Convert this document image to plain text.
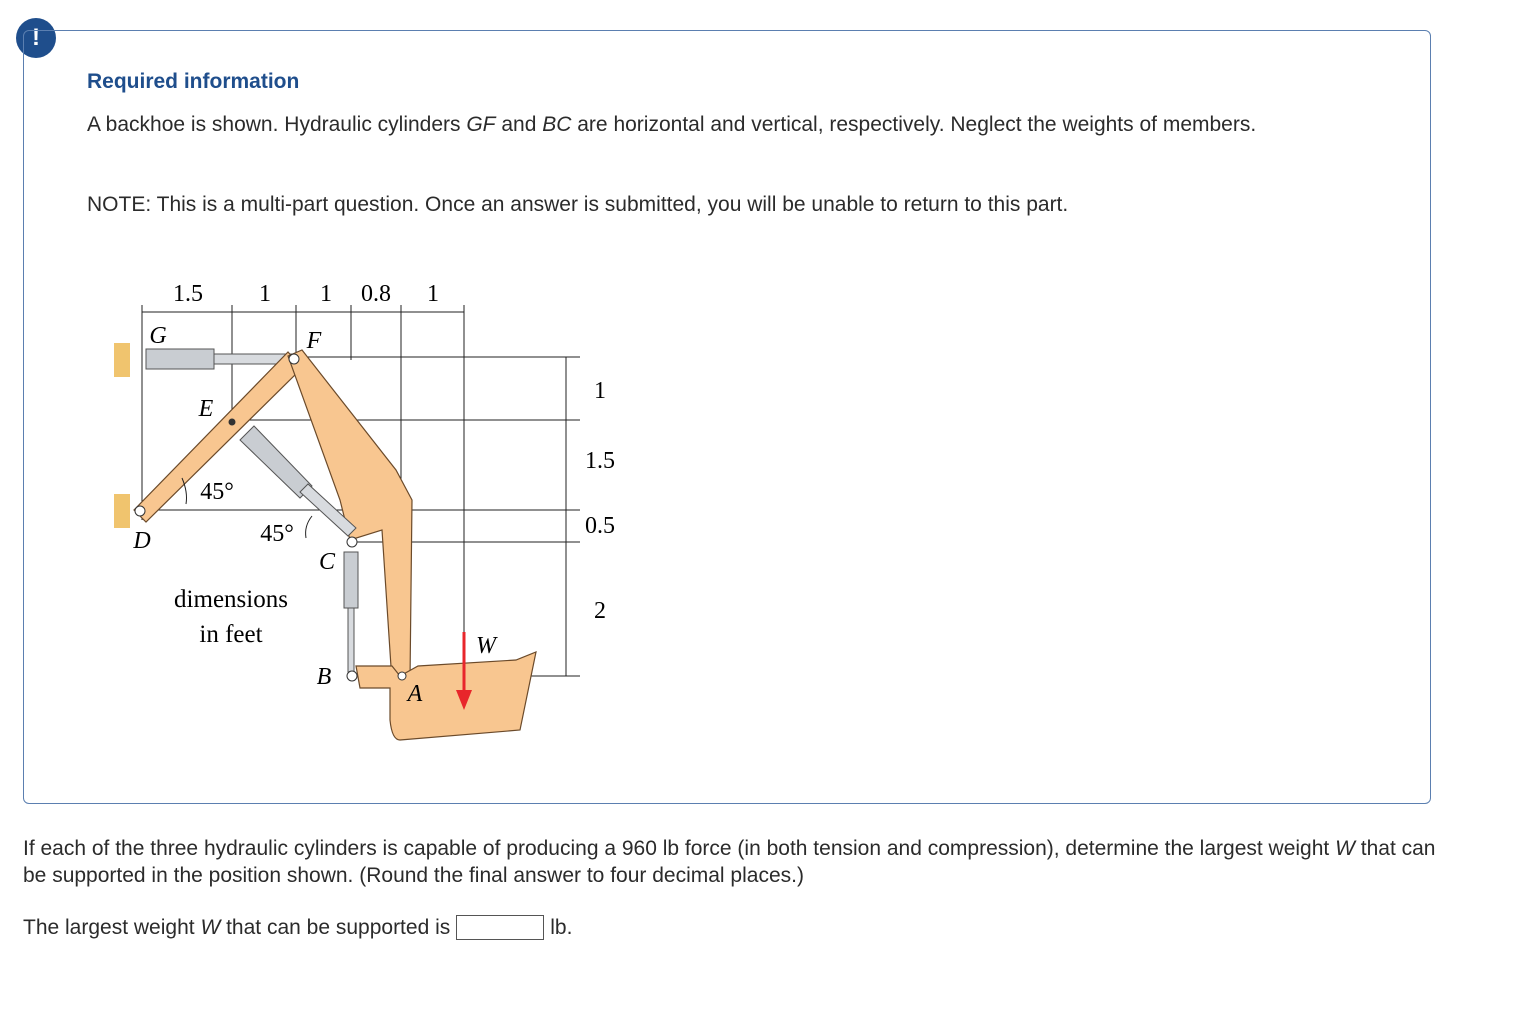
!
Required information
A backhoe is shown. Hydraulic cylinders GF and BC are horizontal and vertical, respectively. Neglect the weights of members.
NOTE: This is a multi-part question. Once an answer is submitted, you will be unable to return to this part.
1.5 1 1 0.8 1
1
1.5
0.5
2
G	F
E
D
C
B
A
W
45°
45°
dimensions
in feet
If each of the three hydraulic cylinders is capable of producing a 960 lb force (in both tension and compression), determine the largest weight W that can be supported in the position shown. (Round the final answer to four decimal places.)
The largest weight W that can be supported is	lb.
